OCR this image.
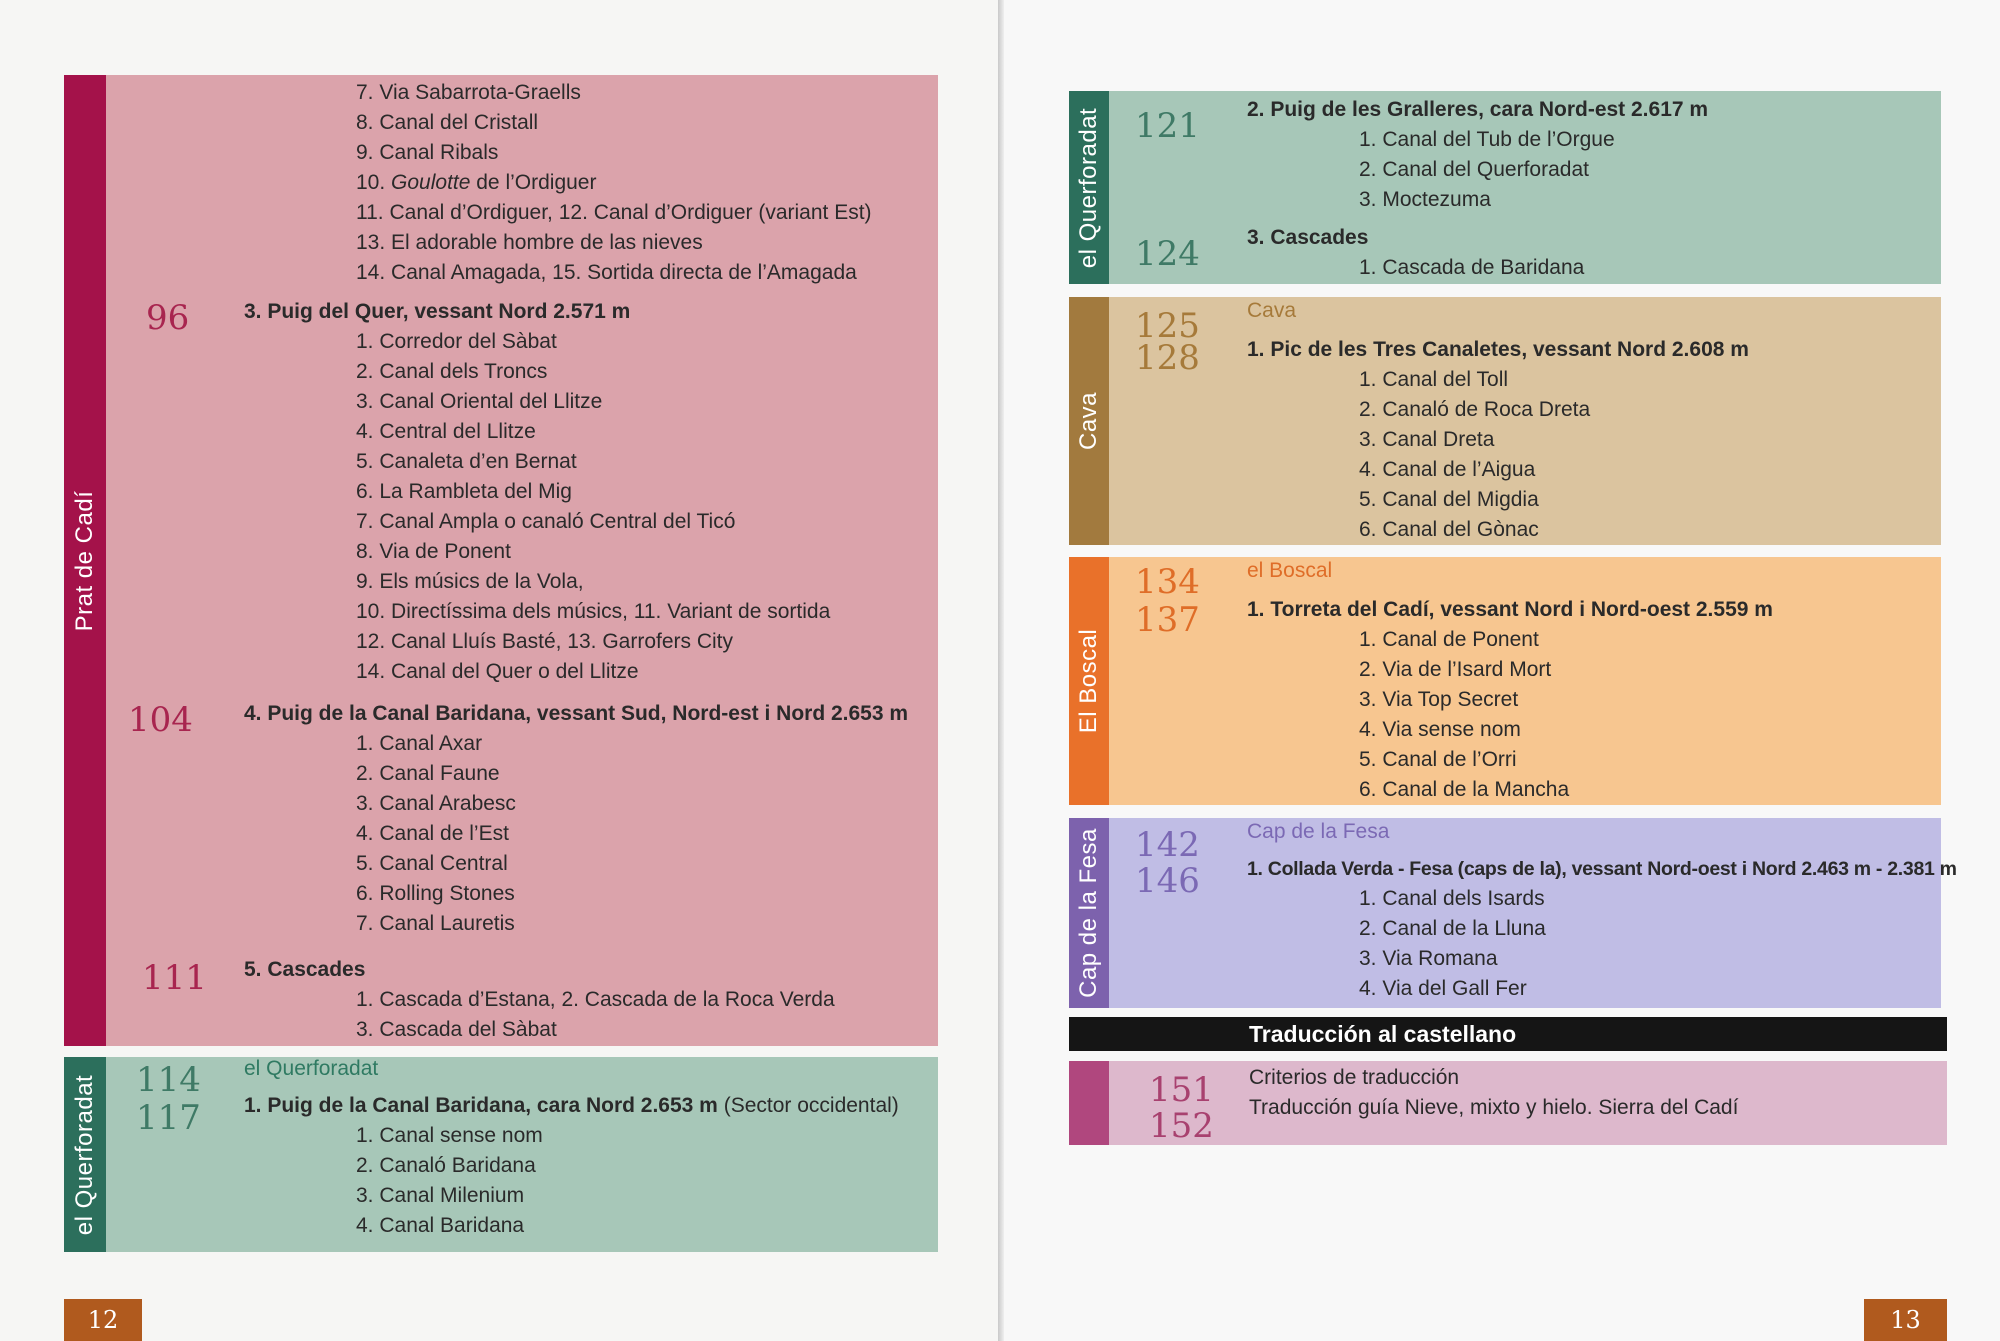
Prat de Cadí
7. Via Sabarrota-Graells
8. Canal del Cristall
9. Canal Ribals
10. Goulotte de l’Ordiguer
11. Canal d’Ordiguer, 12. Canal d’Ordiguer (variant Est)
13. El adorable hombre de las nieves
14. Canal Amagada, 15. Sortida directa de l’Amagada
96	3. Puig del Quer, vessant Nord 2.571 m
1. Corredor del Sàbat
2. Canal dels Troncs
3. Canal Oriental del Llitze
4. Central del Llitze
5. Canaleta d’en Bernat
6. La Rambleta del Mig
7. Canal Ampla o canaló Central del Ticó
8. Via de Ponent
9. Els músics de la Vola,
10. Directíssima dels músics, 11. Variant de sortida
12. Canal Lluís Basté, 13. Garrofers City
14. Canal del Quer o del Llitze
104 4. Puig de la Canal Baridana, vessant Sud, Nord-est i Nord 2.653 m
1. Canal Axar
2. Canal Faune
3. Canal Arabesc
4. Canal de l’Est
5. Canal Central
6. Rolling Stones
7. Canal Lauretis
111 5. Cascades
1. Cascada d’Estana, 2. Cascada de la Roca Verda
3. Cascada del Sàbat
el Querforadat
el Querforadat
114
117 1. Puig de la Canal Baridana, cara Nord 2.653 m (Sector occidental)
1. Canal sense nom
2. Canaló Baridana
3. Canal Milenium
4. Canal Baridana
12
el Querforadat 121 2. Puig de les Gralleres, cara Nord-est 2.617 m
1. Canal del Tub de l’Orgue
2. Canal del Querforadat
3. Moctezuma
124 3. Cascades
1. Cascada de Baridana
Cava
Cava
125
128 1. Pic de les Tres Canaletes, vessant Nord 2.608 m
1. Canal del Toll
2. Canaló de Roca Dreta
3. Canal Dreta
4. Canal de l’Aigua
5. Canal del Migdia
6. Canal del Gònac
El Boscal
el Boscal
134
137 1. Torreta del Cadí, vessant Nord i Nord-oest 2.559 m
1. Canal de Ponent
2. Via de l’Isard Mort
3. Via Top Secret
4. Via sense nom
5. Canal de l’Orri
6. Canal de la Mancha
Cap de la Fesa	Cap de la Fesa
142
146 1. Collada Verda - Fesa (caps de la), vessant Nord-oest i Nord 2.463 m - 2.381 m
1. Canal dels Isards
2. Canal de la Lluna
3. Via Romana
4. Via del Gall Fer
Traducción al castellano
151
152
Criterios de traducción
Traducción guía Nieve, mixto y hielo. Sierra del Cadí
13
